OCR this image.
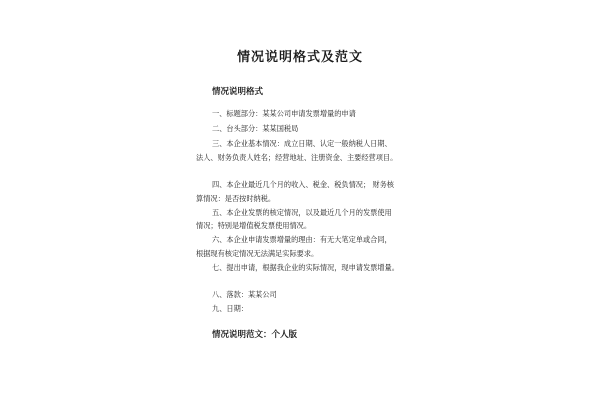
情况说明格式及范文
情况说明格式
一、标题部分：某某公司申请发票增量的申请
二、台头部分：某某国税局
三、本企业基本情况：成立日期、认定一般纳税人日期、
法人、财务负责人姓名；经营地址、注册资金、主要经营项目。
四、本企业最近几个月的收入、税金、税负情况； 财务核
算情况：是否按时纳税。
五、本企业发票的核定情况，以及最近几个月的发票使用
情况；特别是增值税发票使用情况。
六、本企业申请发票增量的理由：有无大笔定单或合同，
根据现有核定情况无法满足实际要求。
七、提出申请，根据我企业的实际情况，现申请发票增量。
八、落款：某某公司
九、日期：
情况说明范文：个人版
